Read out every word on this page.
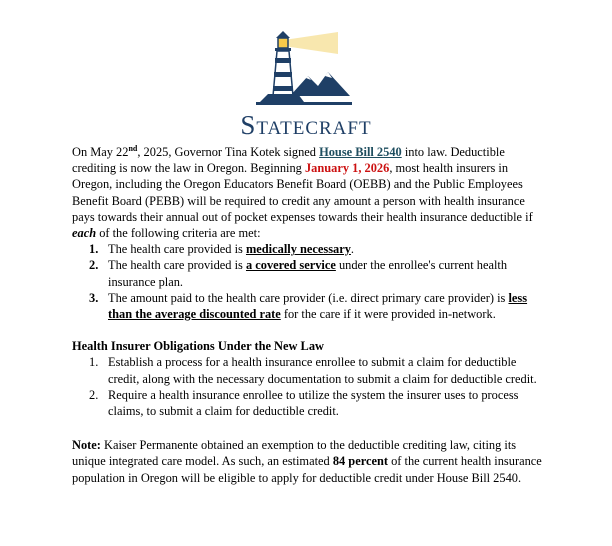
Statecraft

On May 22nd, 2025, Governor Tina Kotek signed House Bill 2540 into law. Deductible crediting is now the law in Oregon. Beginning January 1, 2026, most health insurers in Oregon, including the Oregon Educators Benefit Board (OEBB) and the Public Employees Benefit Board (PEBB) will be required to credit any amount a person with health insurance pays towards their annual out of pocket expenses towards their health insurance deductible if each of the following criteria are met:

1. The health care provided is medically necessary.
2. The health care provided is a covered service under the enrollee's current health insurance plan.
3. The amount paid to the health care provider (i.e. direct primary care provider) is less than the average discounted rate for the care if it were provided in-network.

Health Insurer Obligations Under the New Law

1. Establish a process for a health insurance enrollee to submit a claim for deductible credit, along with the necessary documentation to submit a claim for deductible credit.
2. Require a health insurance enrollee to utilize the system the insurer uses to process claims, to submit a claim for deductible credit.

Note: Kaiser Permanente obtained an exemption to the deductible crediting law, citing its unique integrated care model. As such, an estimated 84 percent of the current health insurance population in Oregon will be eligible to apply for deductible credit under House Bill 2540.
